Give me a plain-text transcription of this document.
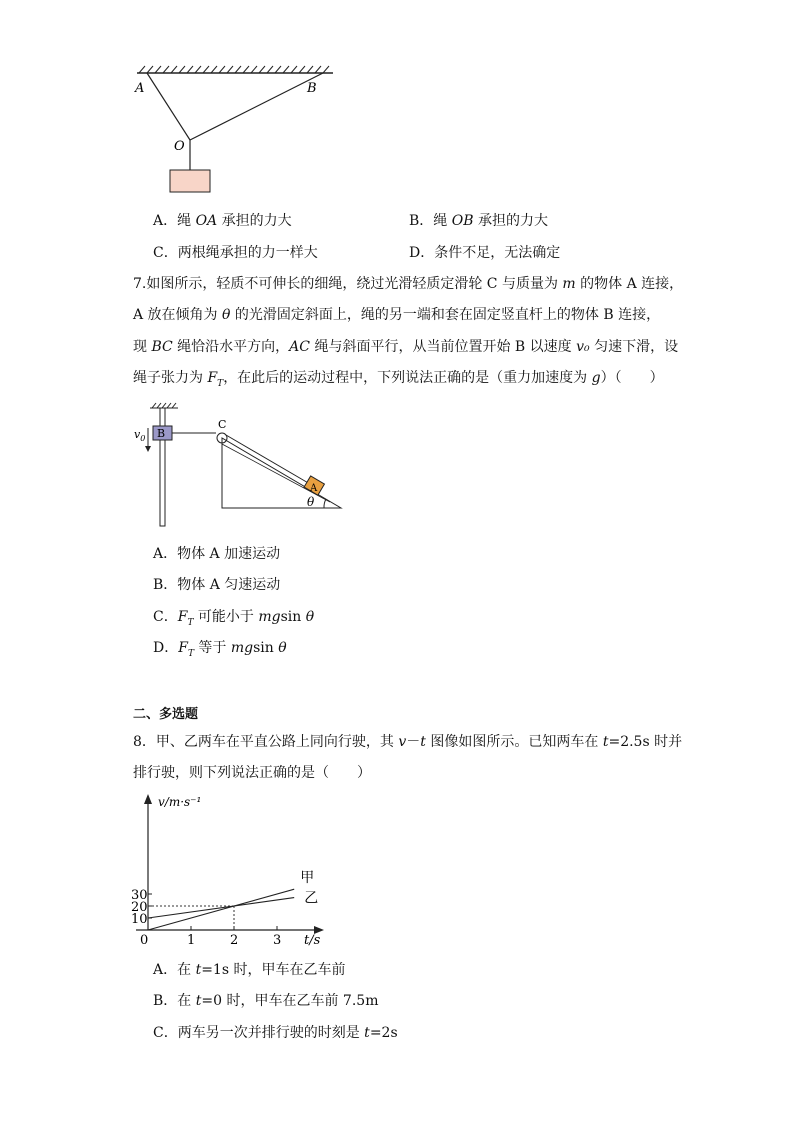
A	B
O
A．绳 OA 承担的力大	B．绳 OB 承担的力大
C．两根绳承担的力一样大	D．条件不足，无法确定
7.如图所示，轻质不可伸长的细绳，绕过光滑轻质定滑轮 C 与质量为 m 的物体 A 连接，
A 放在倾角为 θ 的光滑固定斜面上，绳的另一端和套在固定竖直杆上的物体 B 连接，
现 BC 绳恰沿水平方向，AC 绳与斜面平行，从当前位置开始 B 以速度 v₀ 匀速下滑，设
绳子张力为 $F_T$，在此后的运动过程中，下列说法正确的是（重力加速度为 g）（　　）
B
$v_0$
C
A
θ
A．物体 A 加速运动
B．物体 A 匀速运动
C．$F_T$ 可能小于 mgsin θ
D．$F_T$ 等于 mgsin θ
二、多选题
8．甲、乙两车在平直公路上同向行驶，其 v－t 图像如图所示。已知两车在 t=2.5s 时并
排行驶，则下列说法正确的是（　　）
v/m·s⁻¹
t/s
0	1	2	3
10
20
30
甲
乙
A．在 t=1s 时，甲车在乙车前
B．在 t=0 时，甲车在乙车前 7.5m
C．两车另一次并排行驶的时刻是 t=2s
